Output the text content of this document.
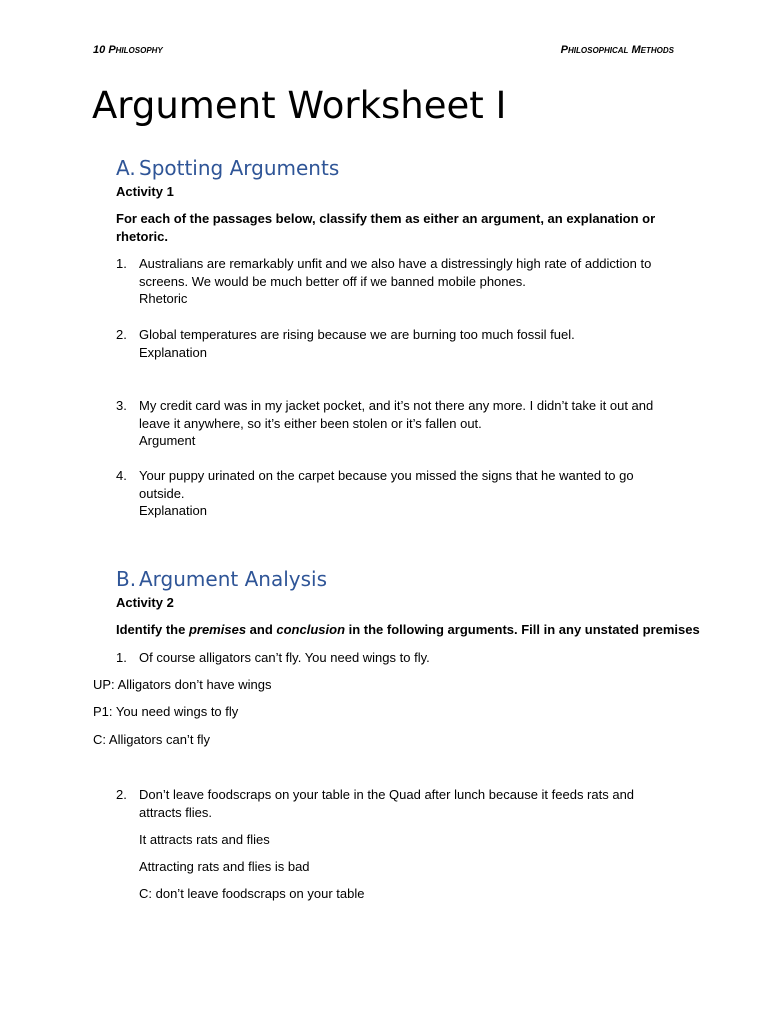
10 Philosophy	Philosophical Methods
Argument Worksheet I
A. Spotting Arguments
Activity 1
For each of the passages below, classify them as either an argument, an explanation or rhetoric.
1. Australians are remarkably unfit and we also have a distressingly high rate of addiction to
screens. We would be much better off if we banned mobile phones.
Rhetoric
2. Global temperatures are rising because we are burning too much fossil fuel.
Explanation
3. My credit card was in my jacket pocket, and it’s not there any more. I didn’t take it out and
leave it anywhere, so it’s either been stolen or it’s fallen out.
Argument
4. Your puppy urinated on the carpet because you missed the signs that he wanted to go
outside.
Explanation
B. Argument Analysis
Activity 2
Identify the premises and conclusion in the following arguments. Fill in any unstated premises
1. Of course alligators can’t fly. You need wings to fly.
UP: Alligators don’t have wings
P1: You need wings to fly
C: Alligators can’t fly
2. Don’t leave foodscraps on your table in the Quad after lunch because it feeds rats and
attracts flies.
It attracts rats and flies
Attracting rats and flies is bad
C: don’t leave foodscraps on your table
